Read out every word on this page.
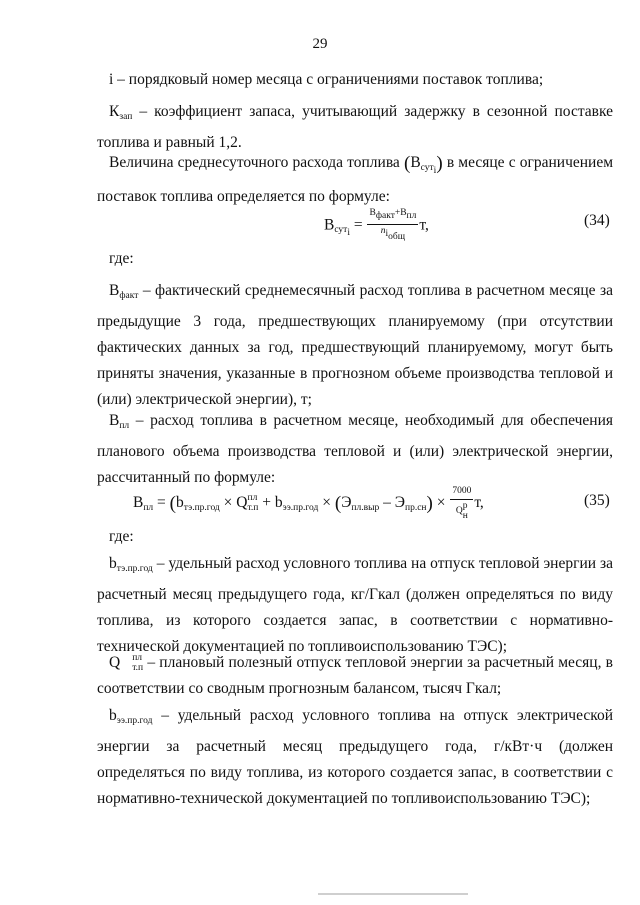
29
i – порядковый номер месяца с ограничениями поставок топлива;
$К_{зап}$ – коэффициент запаса, учитывающий задержку в сезонной поставке топлива и равный 1,2.
Величина среднесуточного расхода топлива $(В_{сут_i})$ в месяце с ограничением поставок топлива определяется по формуле:
$В_{сут_i} = \frac{В_{факт}+В_{пл}}{n_{i_{общ}}} т$,	(34)
где:
$В_{факт}$ – фактический среднемесячный расход топлива в расчетном месяце за предыдущие 3 года, предшествующих планируемому (при отсутствии фактических данных за год, предшествующий планируемому, могут быть приняты значения, указанные в прогнозном объеме производства тепловой и (или) электрической энергии), т;
$В_{пл}$ – расход топлива в расчетном месяце, необходимый для обеспечения планового объема производства тепловой и (или) электрической энергии, рассчитанный по формуле:
$В_{пл} = (b_{тэ.пр.год} \times Q$ пл
$т.п + b_{ээ.пр.год} \times (Э_{пл.выр} - Э_{пр.сн}) \times 7000$
Q
р
н т,	(35)
где:
$b_{тэ.пр.год}$ – удельный расход условного топлива на отпуск тепловой энергии за расчетный месяц предыдущего года, кг/Гкал (должен определяться по виду топлива, из которого создается запас, в соответствии с нормативно-технической документацией по топливоиспользованию ТЭС);
Q	пл
т.п – плановый полезный отпуск тепловой энергии за расчетный месяц, в соответствии со сводным прогнозным балансом, тысяч Гкал;
$b_{ээ.пр.год}$ – удельный расход условного топлива на отпуск электрической энергии за расчетный месяц предыдущего года, г/кВт·ч (должен определяться по виду топлива, из которого создается запас, в соответствии с нормативно-технической документацией по топливоиспользованию ТЭС);
